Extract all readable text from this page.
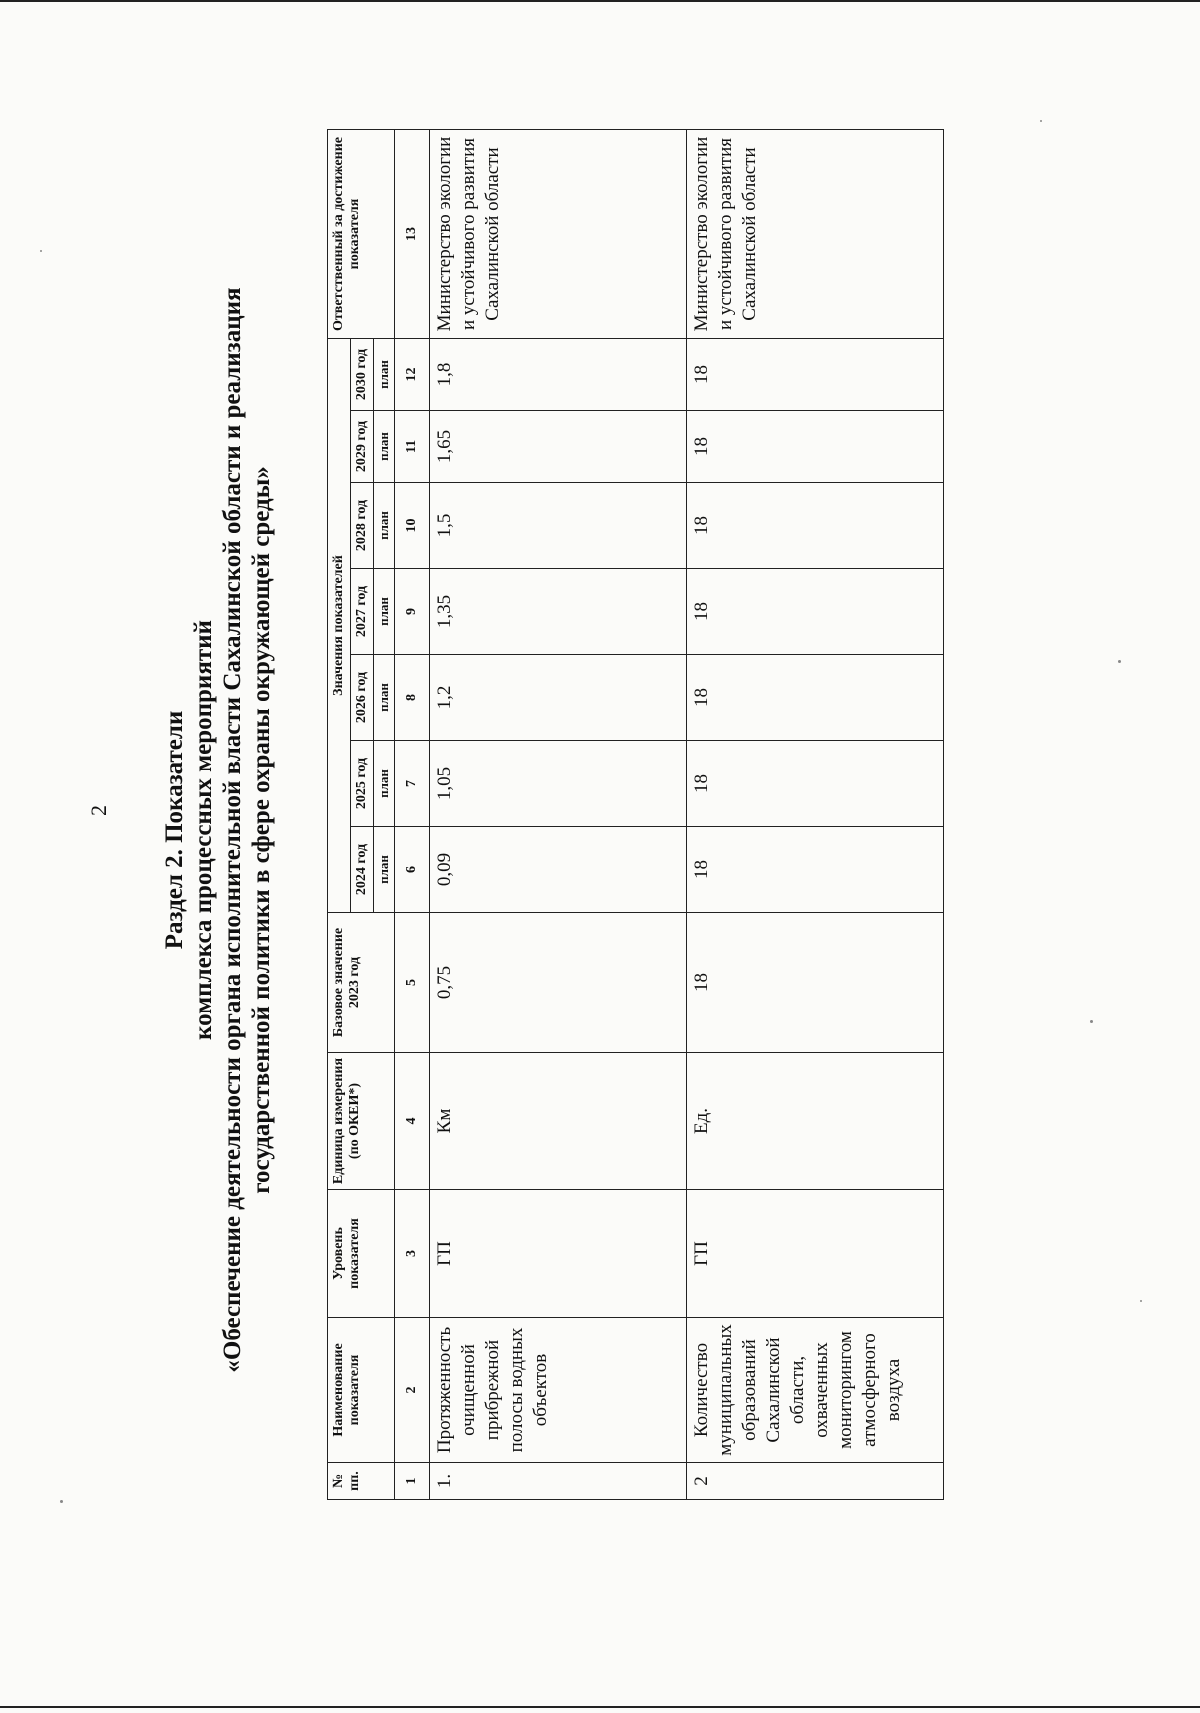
2 Раздел 2. Показатели комплекса процессных мероприятий «Обеспечение деятельности органа исполнительной власти Сахалинской области и реализация государственной политики в сфере охраны окружающей среды»
№ пп.	Наименование показателя	Уровень показателя	Единица измерения (по ОКЕИ*)	Базовое значение 2023 год	Значения показателей							Ответственный за достижение показателя
					2024 год	2025 год	2026 год	2027 год	2028 год	2029 год	2030 год	
					план	план	план	план	план	план	план	
1	2	3	4	5	6	7	8	9	10	11	12	13
1.	Протяженность очищенной прибрежной полосы водных объектов	ГП	Км	0,75	0,09	1,05	1,2	1,35	1,5	1,65	1,8	Министерство экологии и устойчивого развития Сахалинской области
2	Количество муниципальных образований Сахалинской области, охваченных мониторингом атмосферного воздуха	ГП	Ед.	18	18	18	18	18	18	18	18	Министерство экологии и устойчивого развития Сахалинской области
